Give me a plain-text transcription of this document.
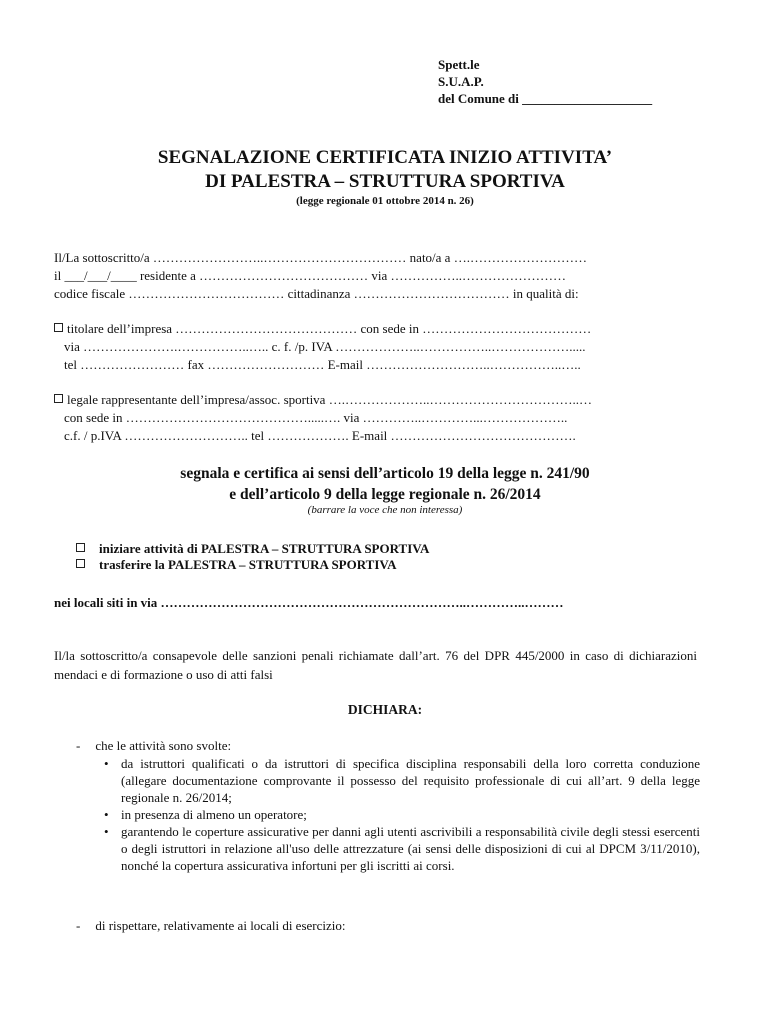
Spett.le
S.U.A.P.
del Comune di ____________________
SEGNALAZIONE CERTIFICATA INIZIO ATTIVITA’
DI PALESTRA – STRUTTURA SPORTIVA
(legge regionale 01 ottobre 2014 n. 26)
Il/La sottoscritto/a ……………………..…………………………… nato/a a ….………………………
il ___/___/____ residente a ………………………………… via ……………..……………………
codice fiscale ……………………………… cittadinanza ……………………………… in qualità di:
titolare dell’impresa …………………………………… con sede in …………………………………
via ………………….……………..….. c. f. /p. IVA ………………..……………..……………….....
tel …………………… fax ……………………… E-mail ………………………..……………..…..
legale rappresentante dell’impresa/assoc. sportiva ….………………..……………………………..…
con sede in …………………………………….....…. via …………..…………...………………..
c.f. / p.IVA ……………………….. tel ………………. E-mail …………………………………….
segnala e certifica ai sensi dell’articolo 19 della legge n. 241/90
e dell’articolo 9 della legge regionale n. 26/2014
(barrare la voce che non interessa)
iniziare attività di PALESTRA – STRUTTURA SPORTIVA
trasferire la PALESTRA – STRUTTURA SPORTIVA
nei locali siti in via ……………………………………………………………..…………..………
Il/la sottoscritto/a consapevole delle sanzioni penali richiamate dall’art. 76 del DPR 445/2000 in caso di dichiarazioni mendaci e di formazione o uso di atti falsi
DICHIARA:
- che le attività sono svolte:
• da istruttori qualificati o da istruttori di specifica disciplina responsabili della loro corretta conduzione (allegare documentazione comprovante il possesso del requisito professionale di cui all’art. 9 della legge regionale n. 26/2014;
• in presenza di almeno un operatore;
• garantendo le coperture assicurative per danni agli utenti ascrivibili a responsabilità civile degli stessi esercenti o degli istruttori in relazione all'uso delle attrezzature (ai sensi delle disposizioni di cui al DPCM 3/11/2010), nonché la copertura assicurativa infortuni per gli iscritti ai corsi.
- di rispettare, relativamente ai locali di esercizio:
